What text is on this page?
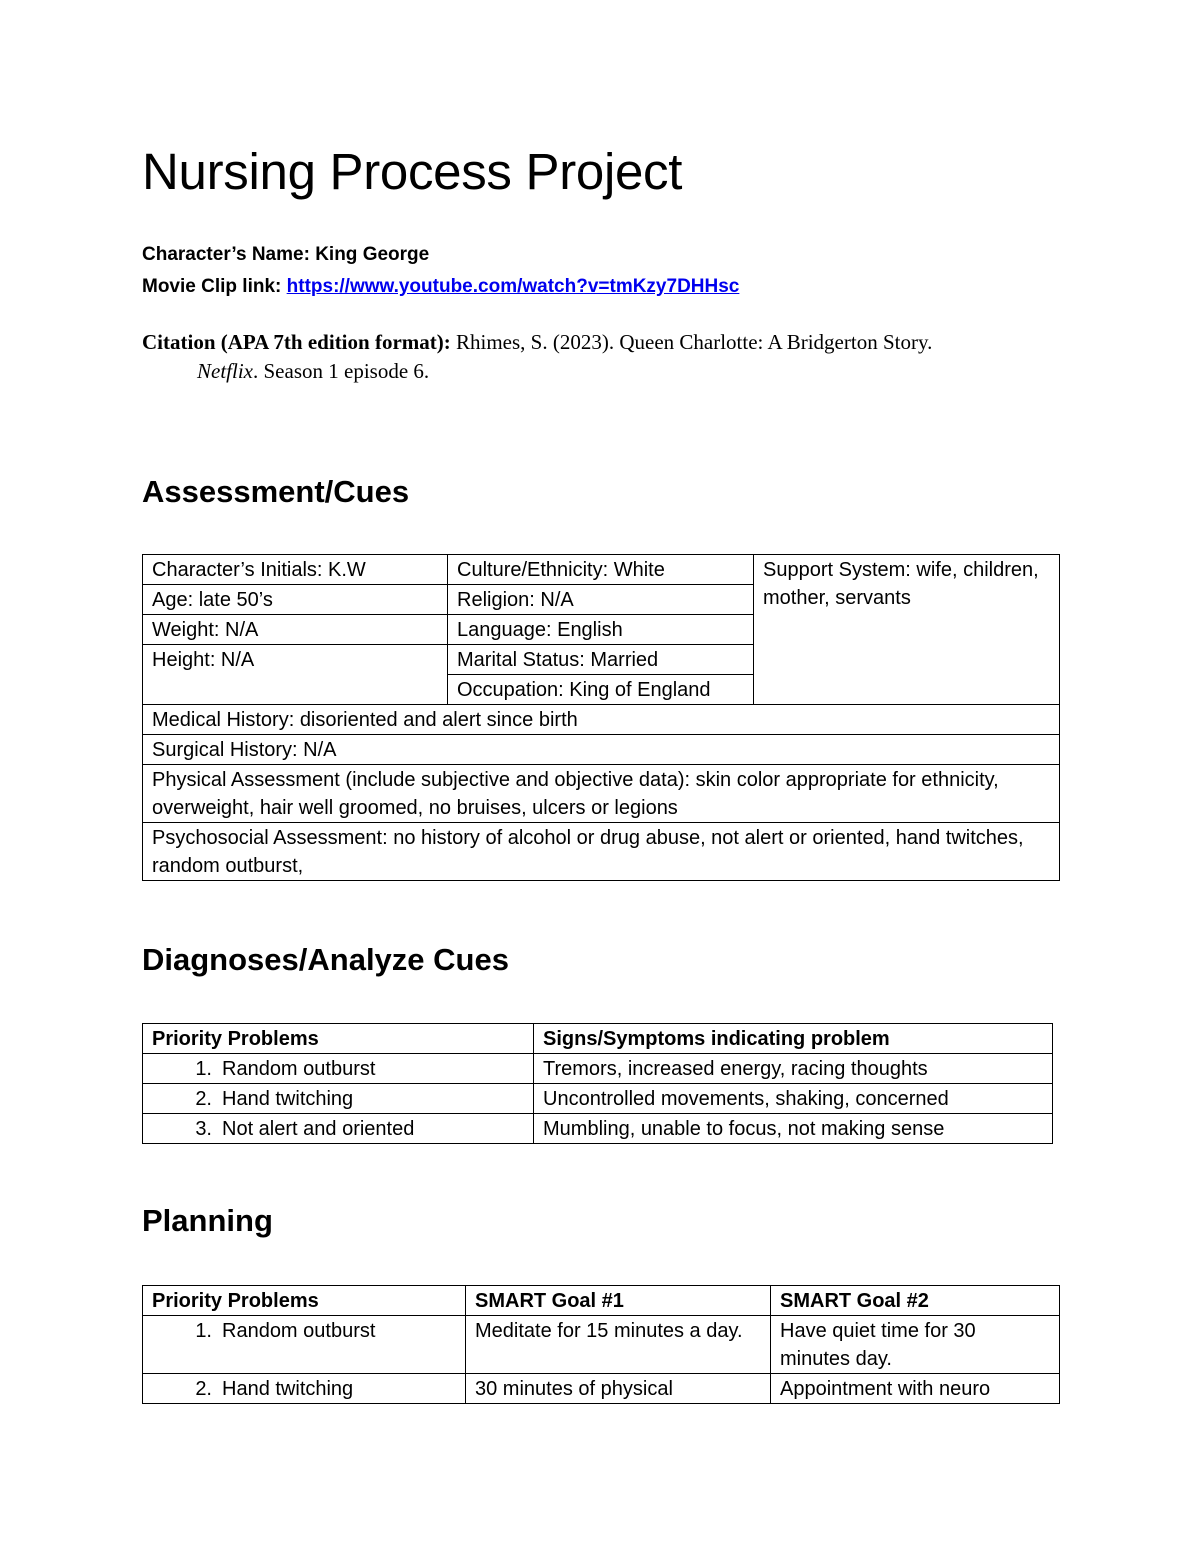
Nursing Process Project
Character’s Name: King George
Movie Clip link: https://www.youtube.com/watch?v=tmKzy7DHHsc
Citation (APA 7th edition format): Rhimes, S. (2023). Queen Charlotte: A Bridgerton Story.
Netflix. Season 1 episode 6.
Assessment/Cues
Character’s Initials: K.W	Culture/Ethnicity: White	Support System: wife, children, mother, servants
Age: late 50’s	Religion: N/A	
Weight: N/A	Language: English	
Height: N/A	Marital Status: Married	
	Occupation: King of England	
Medical History: disoriented and alert since birth		
Surgical History: N/A		
Physical Assessment (include subjective and objective data): skin color appropriate for ethnicity, overweight, hair well groomed, no bruises, ulcers or legions		
Psychosocial Assessment: no history of alcohol or drug abuse, not alert or oriented, hand twitches, random outburst,		
Diagnoses/Analyze Cues
Priority Problems	Signs/Symptoms indicating problem
1. Random outburst	Tremors, increased energy, racing thoughts
2. Hand twitching	Uncontrolled movements, shaking, concerned
3. Not alert and oriented	Mumbling, unable to focus, not making sense
Planning
Priority Problems	SMART Goal #1	SMART Goal #2
1. Random outburst	Meditate for 15 minutes a day.	Have quiet time for 30 minutes day.
2. Hand twitching	30 minutes of physical	Appointment with neuro
